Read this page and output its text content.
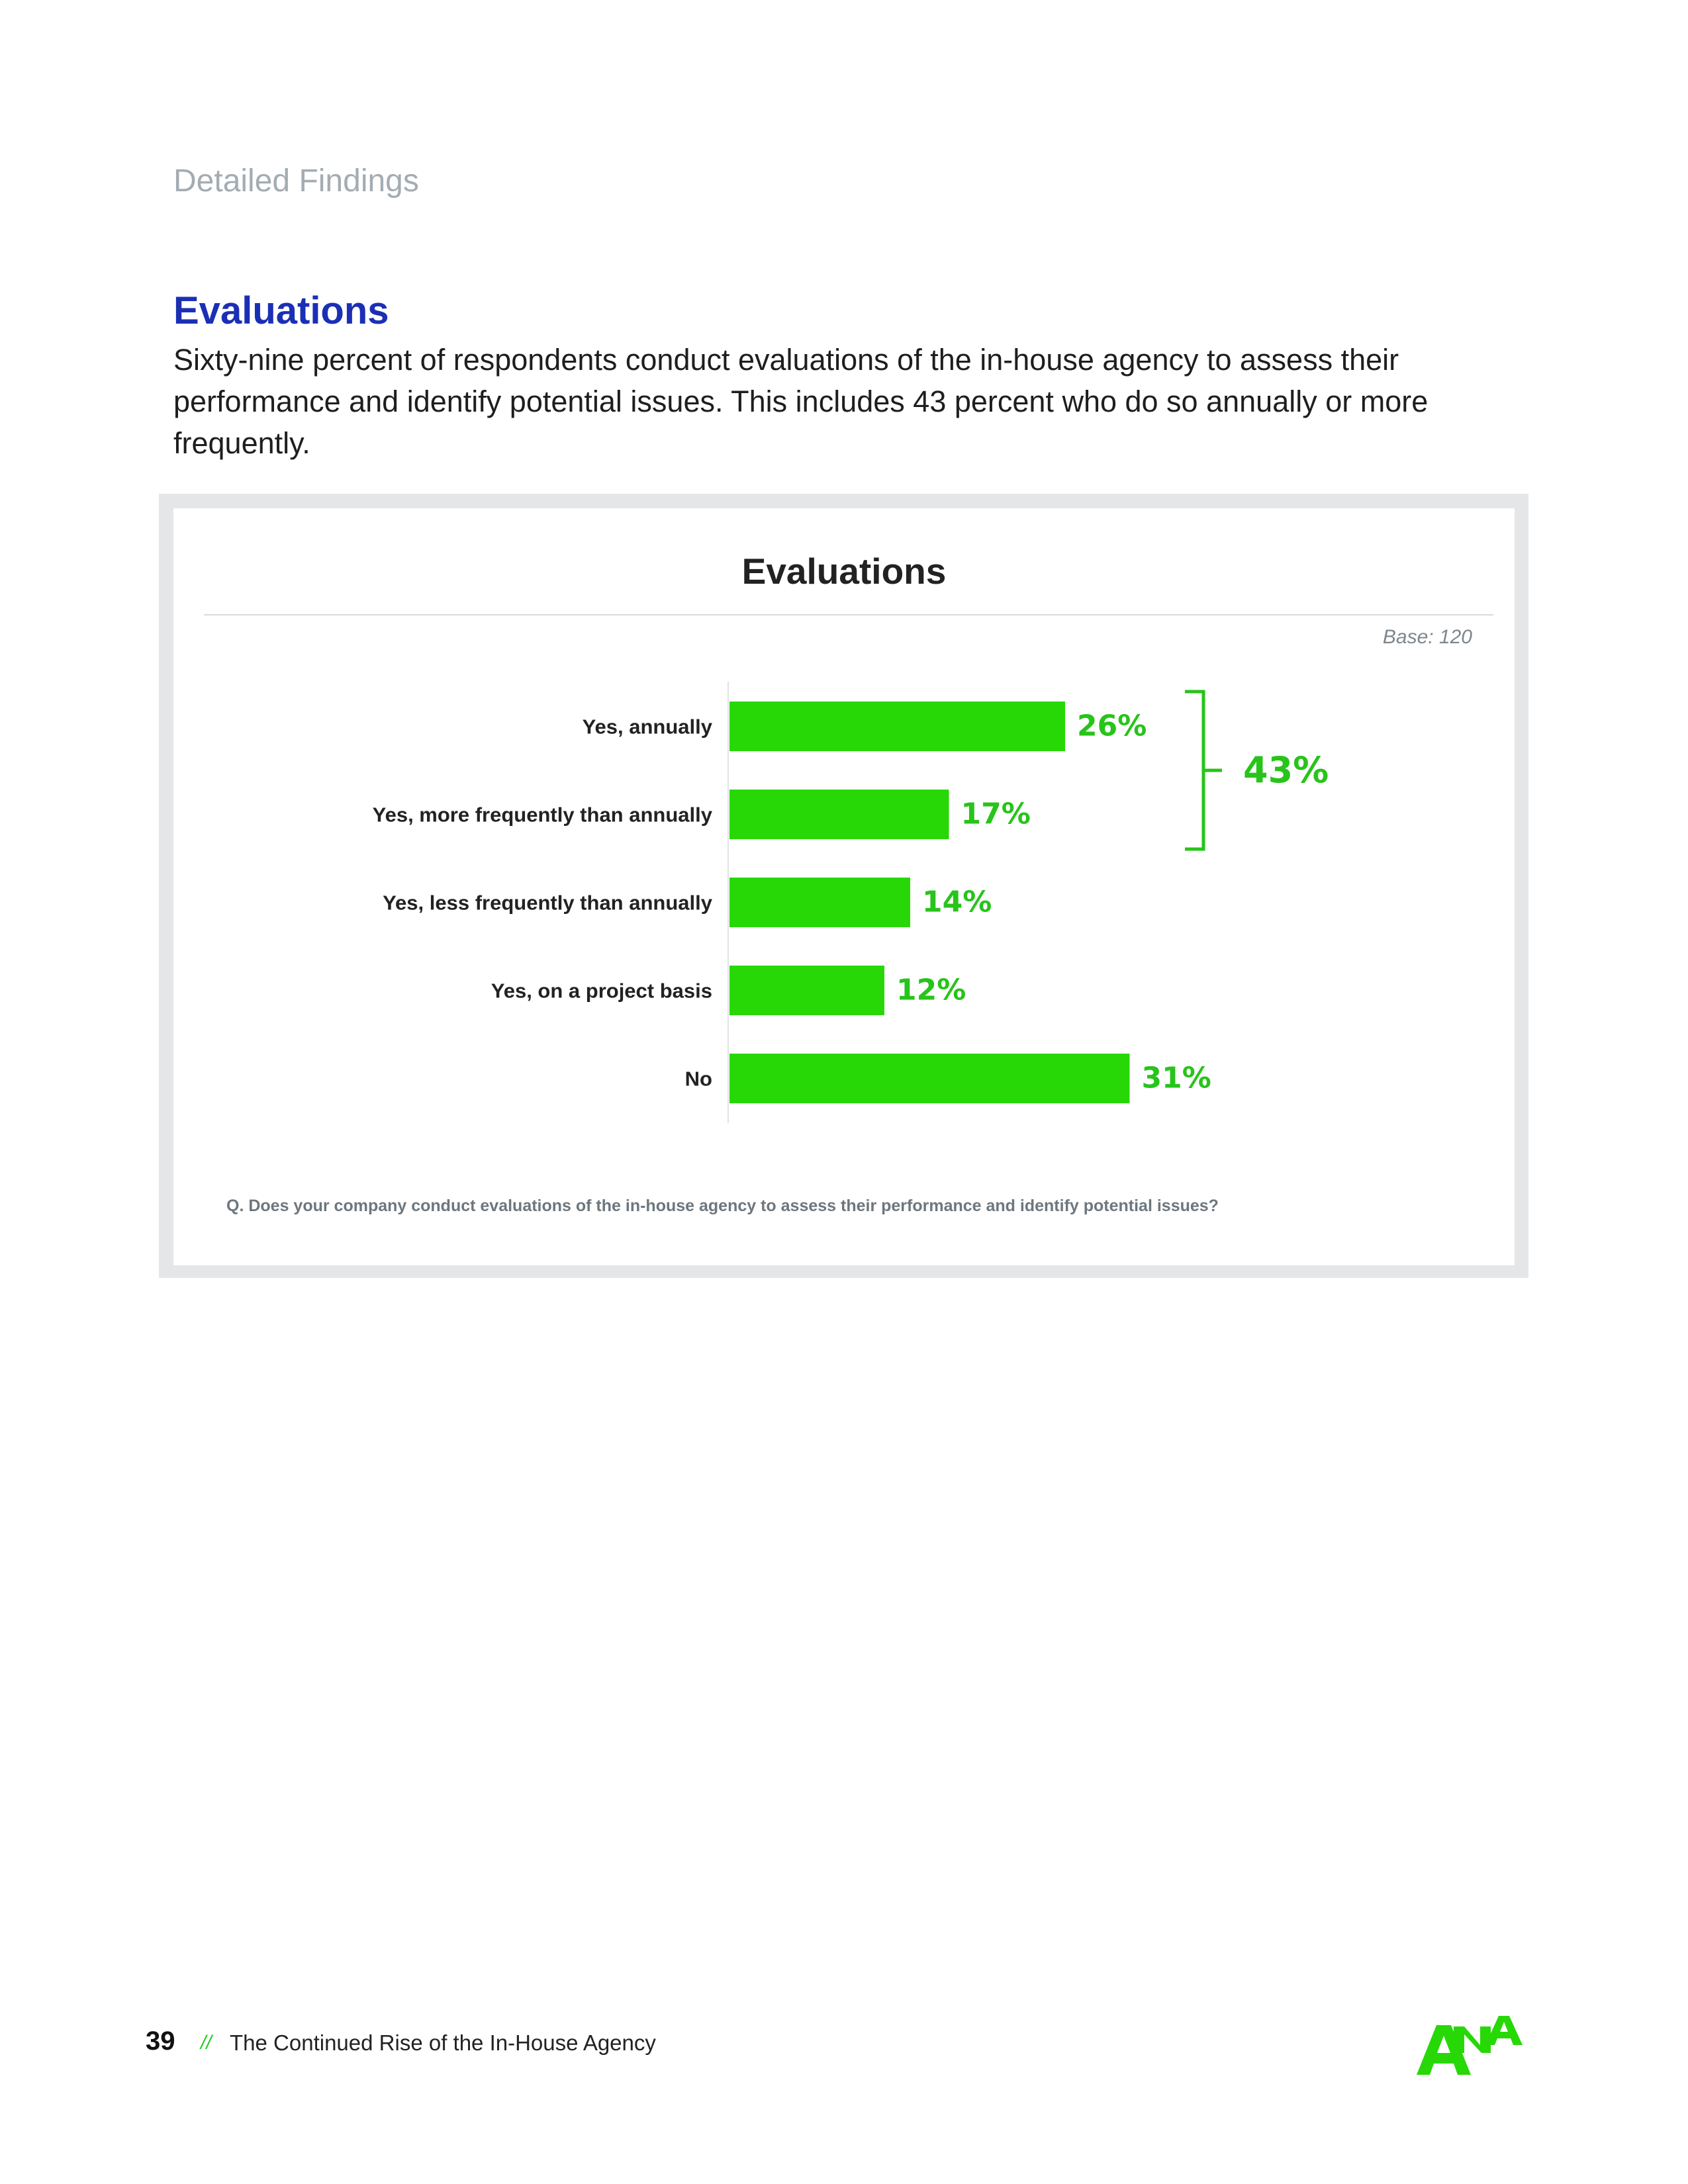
Detailed Findings
Evaluations
Sixty-nine percent of respondents conduct evaluations of the in-house agency to assess their performance and identify potential issues. This includes 43 percent who do so annually or more frequently.
Evaluations
Base: 120
Yes, annually	26%
Yes, more frequently than annually	17%
Yes, less frequently than annually	14%
Yes, on a project basis	12%
No	31%
43%
Q. Does your company conduct evaluations of the in-house agency to assess their performance and identify potential issues?
39 // The Continued Rise of the In-House Agency
